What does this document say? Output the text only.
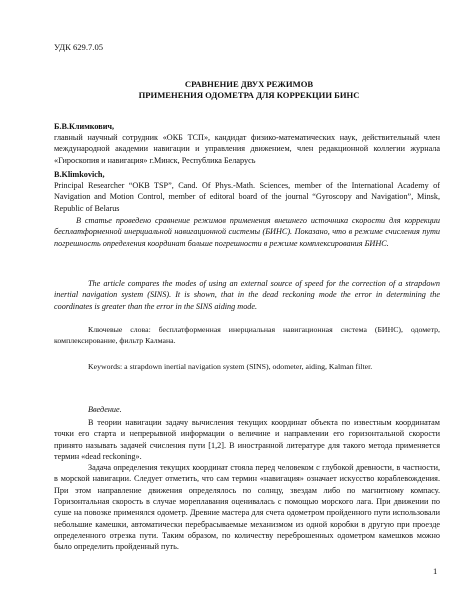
УДК 629.7.05
СРАВНЕНИЕ ДВУХ РЕЖИМОВ
ПРИМЕНЕНИЯ ОДОМЕТРА ДЛЯ КОРРЕКЦИИ БИНС
Б.В.Климкович,
главный научный сотрудник «ОКБ ТСП», кандидат физико-математических наук, действительный член международной академии навигации и управления движением, член редакционной коллегии журнала «Гироскопия и навигация» г.Минск, Республика Беларусь
B.Klimkovich,
Principal Researcher “OKB TSP”, Cand. Of Phys.-Math. Sciences, member of the International Academy of Navigation and Motion Control, member of editoral board of the journal “Gyroscopy and Navigation”, Minsk, Republic of Belarus
В статье проведено сравнение режимов применения внешнего источника скорости для коррекции бесплатформенной инерциальной навигационной системы (БИНС). Показано, что в режиме счисления пути погрешность определения координат больше погрешности в режиме комплексирования БИНС.
The article compares the modes of using an external source of speed for the correction of a strapdown inertial navigation system (SINS). It is shown, that in the dead reckoning mode the error in determining the coordinates is greater than the error in the SINS aiding mode.
Ключевые слова: бесплатформенная инерциальная навигационная система (БИНС), одометр, комплексирование, фильтр Калмана.
Keywords: a strapdown inertial navigation system (SINS), odometer, aiding, Kalman filter.
Введение.

В теории навигации задачу вычисления текущих координат объекта по известным координатам точки его старта и непрерывной информации о величине и направлении его горизонтальной скорости принято называть задачей счисления пути [1,2]. В иностранной литературе для такого метода применяется термин «dead reckoning».

Задача определения текущих координат стояла перед человеком с глубокой древности, в частности, в морской навигации. Следует отметить, что сам термин «навигация» означает искусство кораблевождения. При этом направление движения определялось по солнцу, звездам либо по магнитному компасу. Горизонтальная скорость в случае мореплавания оценивалась с помощью морского лага. При движении по суше на повозке применялся одометр. Древние мастера для счета одометром пройденного пути использовали небольшие камешки, автоматически перебрасываемые механизмом из одной коробки в другую при проезде определенного отрезка пути. Таким образом, по количеству переброшенных одометром камешков можно было определить пройденный путь.

1
